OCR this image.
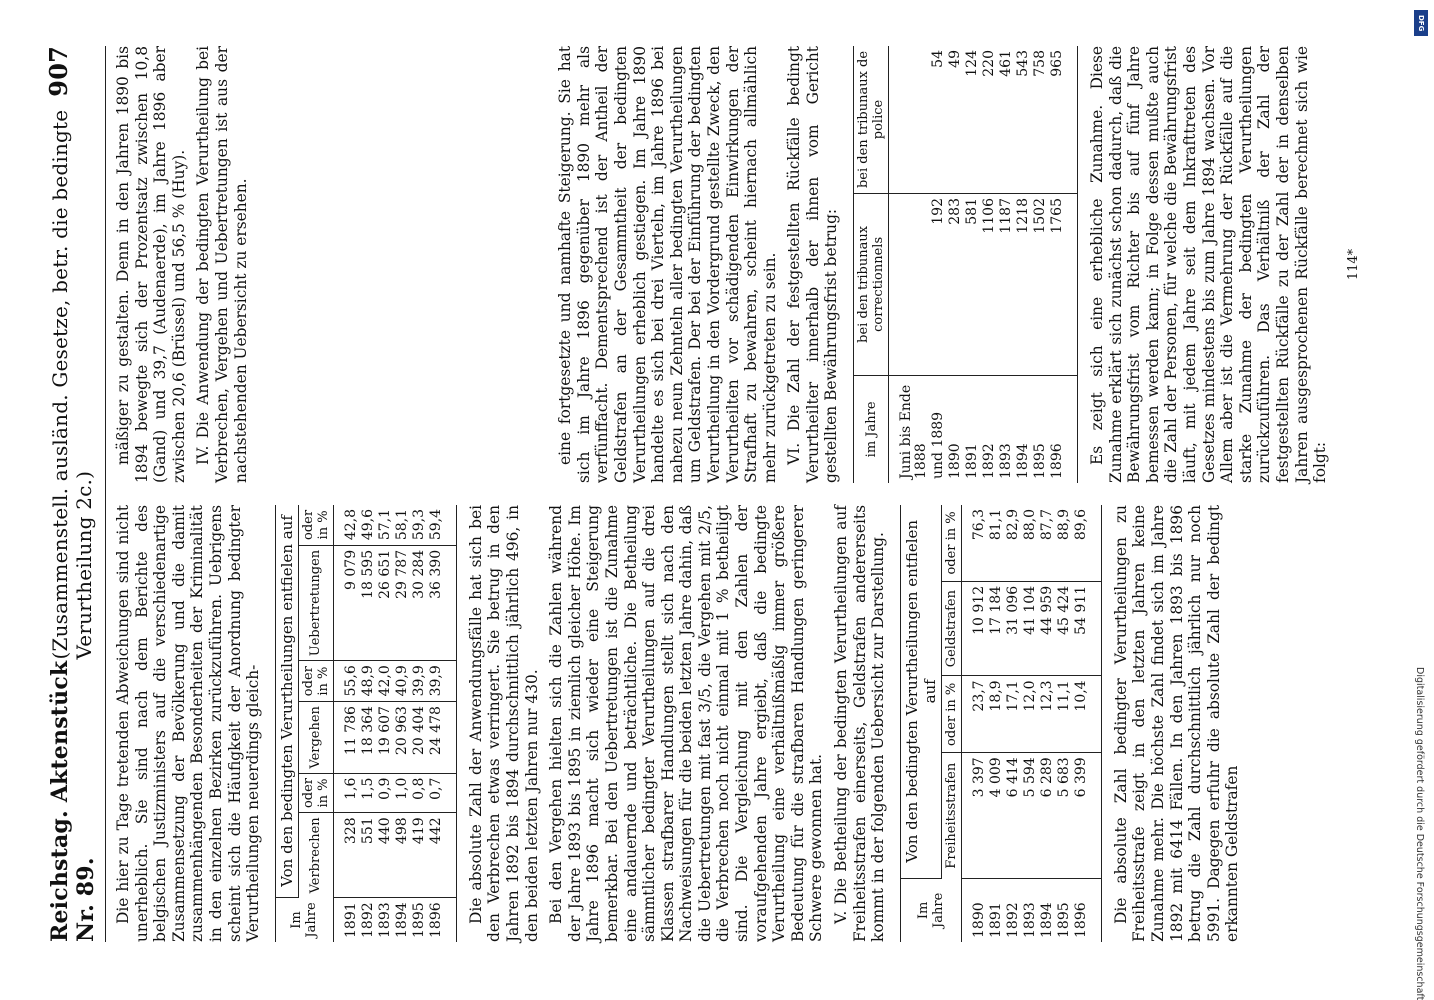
Reichstag. Aktenstück Nr. 89.
(Zusammenstell. ausländ. Gesetze, betr. die bedingte Verurtheilung 2c.)
907

Die hier zu Tage tretenden Abweichungen sind nicht unerheblich. Sie sind nach dem Berichte des belgischen Justizministers auf die verschiedenartige Zusammensetzung der Bevölkerung und die damit zusammenhängenden Besonderheiten der Kriminalität in den einzelnen Bezirken zurückzuführen. Uebrigens scheint sich die Häufigkeit der Anordnung bedingter Verurtheilungen neuerdings gleich- Im Jahre	Von den bedingten Verurtheilungen entfielen auf					
	Verbrechen	oder in %	Vergehen	oder in %	Uebertretungen	oder in %
1891	328	1,6	11 786	55,6	9 079	42,8
1892	551	1,5	18 364	48,9	18 595	49,6
1893	440	0,9	19 607	42,0	26 651	57,1
1894	498	1,0	20 963	40,9	29 787	58,1
1895	419	0,8	20 404	39,9	30 284	59,3
1896	442	0,7	24 478	39,9	36 390	59,4 Die absolute Zahl der Anwendungsfälle hat sich bei den Verbrechen etwas verringert. Sie betrug in den Jahren 1892 bis 1894 durchschnittlich jährlich 496, in den beiden letzten Jahren nur 430. Bei den Vergehen hielten sich die Zahlen während der Jahre 1893 bis 1895 in ziemlich gleicher Höhe. Im Jahre 1896 macht sich wieder eine Steigerung bemerkbar. Bei den Uebertretungen ist die Zunahme eine andauernde und beträchtliche. Die Betheilung sämmtlicher bedingter Verurtheilungen auf die drei Klassen strafbarer Handlungen stellt sich nach den Nachweisungen für die beiden letzten Jahre dahin, daß die Uebertretungen mit fast 3/5, die Vergehen mit 2/5, die Verbrechen noch nicht einmal mit 1 % betheiligt sind. Die Vergleichung mit den Zahlen der voraufgehenden Jahre ergiebt, daß die bedingte Verurtheilung eine verhältnißmäßig immer größere Bedeutung für die strafbaren Handlungen geringerer Schwere gewonnen hat. V. Die Betheilung der bedingten Verurtheilungen auf Freiheitsstrafen einerseits, Geldstrafen andererseits kommt in der folgenden Uebersicht zur Darstellung. Im Jahre	Von den bedingten Verurtheilungen entfielen auf			
	Freiheitsstrafen	oder in %	Geldstrafen	oder in %
1890	3 397	23,7	10 912	76,3
1891	4 009	18,9	17 184	81,1
1892	6 414	17,1	31 096	82,9
1893	5 594	12,0	41 104	88,0
1894	6 289	12,3	44 959	87,7
1895	5 683	11,1	45 424	88,9
1896	6 399	10,4	54 911	89,6 Die absolute Zahl bedingter Verurtheilungen zu Freiheitsstrafe zeigt in den letzten Jahren keine Zunahme mehr. Die höchste Zahl findet sich im Jahre 1892 mit 6414 Fällen. In den Jahren 1893 bis 1896 betrug die Zahl durchschnittlich jährlich nur noch 5991. Dagegen erfuhr die absolute Zahl der bedingt erkannten Geldstrafen

mäßiger zu gestalten. Denn in den Jahren 1890 bis 1894 bewegte sich der Prozentsatz zwischen 10,8 (Gand) und 39,7 (Audenaerde), im Jahre 1896 aber zwischen 20,6 (Brüssel) und 56,5 % (Huy). IV. Die Anwendung der bedingten Verurtheilung bei Verbrechen, Vergehen und Uebertretungen ist aus der nachstehenden Uebersicht zu ersehen.	eine fortgesetzte und namhafte Steigerung. Sie hat sich im Jahre 1896 gegenüber 1890 mehr als verfünffacht. Dementsprechend ist der Antheil der Geldstrafen an der Gesammtheit der bedingten Verurtheilungen erheblich gestiegen. Im Jahre 1890 handelte es sich bei drei Vierteln, im Jahre 1896 bei nahezu neun Zehnteln aller bedingten Verurtheilungen um Geldstrafen. Der bei der Einführung der bedingten Verurtheilung in den Vordergrund gestellte Zweck, den Verurtheilten vor schädigenden Einwirkungen der Strafhaft zu bewahren, scheint hiernach allmählich mehr zurückgetreten zu sein. VI. Die Zahl der festgestellten Rückfälle bedingt Verurtheilter innerhalb der ihnen vom Gericht gestellten Bewährungsfrist betrug: im Jahre	bei den tribunaux correctionnels	bei den tribunaux de police
Juni bis Ende 1888		
und 1889	192	54
1890	283	49
1891	581	124
1892	1106	220
1893	1187	461
1894	1218	543
1895	1502	758
1896	1765	965 Es zeigt sich eine erhebliche Zunahme. Diese Zunahme erklärt sich zunächst schon dadurch, daß die Bewährungsfrist vom Richter bis auf fünf Jahre bemessen werden kann; in Folge dessen mußte auch die Zahl der Personen, für welche die Bewährungsfrist läuft, mit jedem Jahre seit dem Inkrafttreten des Gesetzes mindestens bis zum Jahre 1894 wachsen. Vor Allem aber ist die Vermehrung der Rückfälle auf die starke Zunahme der bedingten Verurtheilungen zurückzuführen. Das Verhältniß der Zahl der festgestellten Rückfälle zu der Zahl der in denselben Jahren ausgesprochenen Rückfälle berechnet sich wie folgt:

114*
DFG
Digitalisierung gefördert durch die Deutsche Forschungsgemeinschaft
